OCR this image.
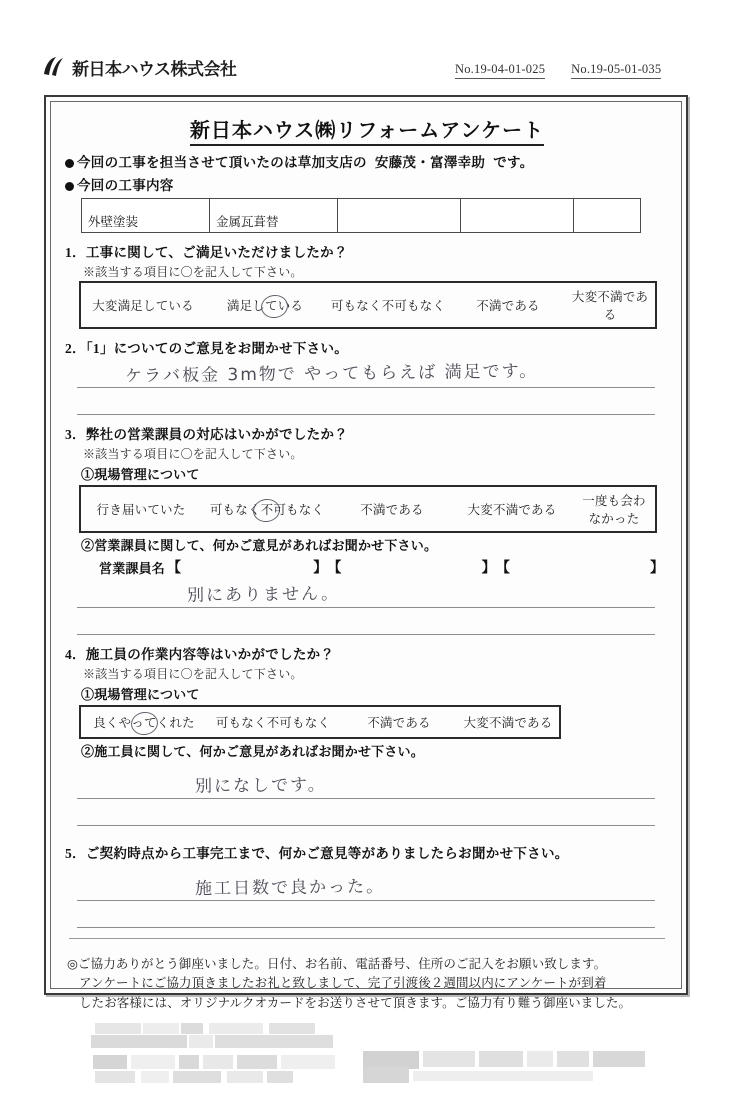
新日本ハウス株式会社	No.19-04-01-025 No.19-05-01-035
新日本ハウス㈱リフォームアンケート
今回の工事を担当させて頂いたのは草加支店の 安藤茂・富澤幸助 です。
今回の工事内容
外壁塗装	金属瓦葺替			
1．工事に関して、ご満足いただけましたか？
※該当する項目に〇を記入して下さい。
大変満足している	満足している	可もなく不可もなく	不満である	大変不満である
2．「1」についてのご意見をお聞かせ下さい。
ケラバ板金 3m物で やってもらえば 満足です。
3．弊社の営業課員の対応はいかがでしたか？
※該当する項目に〇を記入して下さい。
①現場管理について
行き届いていた	可もなく不可もなく	不満である	大変不満である	一度も会わなかった
②営業課員に関して、何かご意見があればお聞かせ下さい。
営業課員名 【	】 【	】 【	】
別にありません。
4．施工員の作業内容等はいかがでしたか？
※該当する項目に〇を記入して下さい。
①現場管理について
良くやってくれた	可もなく不可もなく	不満である	大変不満である
②施工員に関して、何かご意見があればお聞かせ下さい。
別になしです。
5．ご契約時点から工事完工まで、何かご意見等がありましたらお聞かせ下さい。
施工日数で良かった。
◎ご協力ありがとう御座いました。日付、お名前、電話番号、住所のご記入をお願い致します。
アンケートにご協力頂きましたお礼と致しまして、完了引渡後２週間以内にアンケートが到着
したお客様には、オリジナルクオカードをお送りさせて頂きます。ご協力有り難う御座いました。
